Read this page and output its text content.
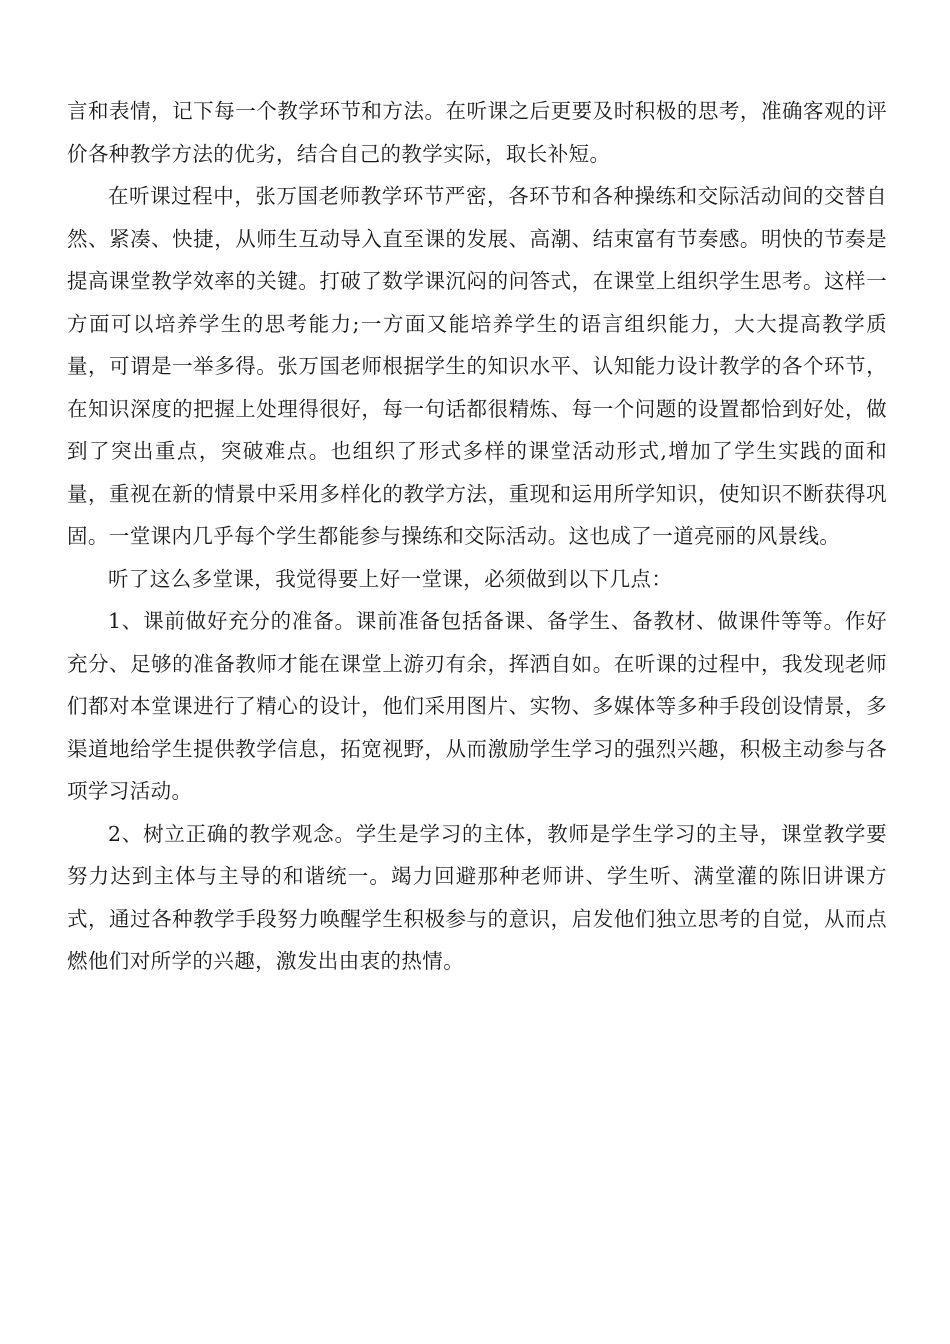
言和表情，记下每一个教学环节和方法。在听课之后更要及时积极的思考，准确客观的评价各种教学方法的优劣，结合自己的教学实际，取长补短。

在听课过程中，张万国老师教学环节严密，各环节和各种操练和交际活动间的交替自然、紧凑、快捷，从师生互动导入直至课的发展、高潮、结束富有节奏感。明快的节奏是提高课堂教学效率的关键。打破了数学课沉闷的问答式，在课堂上组织学生思考。这样一方面可以培养学生的思考能力;一方面又能培养学生的语言组织能力，大大提高教学质量，可谓是一举多得。张万国老师根据学生的知识水平、认知能力设计教学的各个环节，在知识深度的把握上处理得很好，每一句话都很精炼、每一个问题的设置都恰到好处，做到了突出重点，突破难点。也组织了形式多样的课堂活动形式,增加了学生实践的面和量，重视在新的情景中采用多样化的教学方法，重现和运用所学知识，使知识不断获得巩固。一堂课内几乎每个学生都能参与操练和交际活动。这也成了一道亮丽的风景线。

听了这么多堂课，我觉得要上好一堂课，必须做到以下几点：

1、课前做好充分的准备。课前准备包括备课、备学生、备教材、做课件等等。作好充分、足够的准备教师才能在课堂上游刃有余，挥洒自如。在听课的过程中，我发现老师们都对本堂课进行了精心的设计，他们采用图片、实物、多媒体等多种手段创设情景，多渠道地给学生提供教学信息，拓宽视野，从而激励学生学习的强烈兴趣，积极主动参与各项学习活动。

2、树立正确的教学观念。学生是学习的主体，教师是学生学习的主导，课堂教学要努力达到主体与主导的和谐统一。竭力回避那种老师讲、学生听、满堂灌的陈旧讲课方式，通过各种教学手段努力唤醒学生积极参与的意识，启发他们独立思考的自觉，从而点燃他们对所学的兴趣，激发出由衷的热情。
